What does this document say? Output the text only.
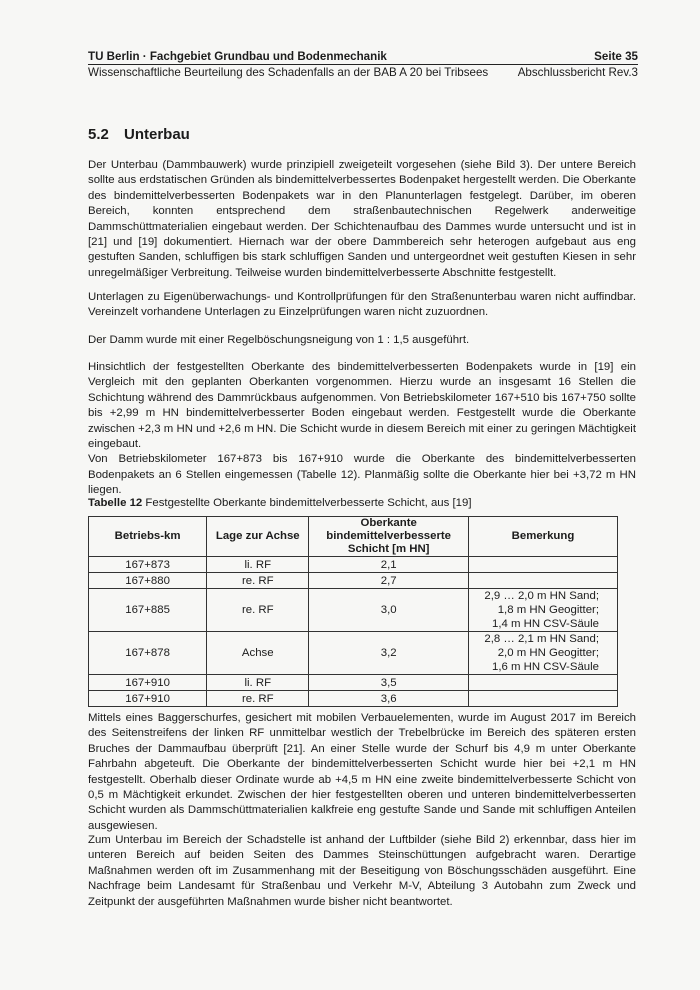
TU Berlin · Fachgebiet Grundbau und Bodenmechanik	Seite 35
Wissenschaftliche Beurteilung des Schadenfalls an der BAB A 20 bei Tribsees	Abschlussbericht Rev.3
5.2 Unterbau

Der Unterbau (Dammbauwerk) wurde prinzipiell zweigeteilt vorgesehen (siehe Bild 3). Der untere Bereich sollte aus erdstatischen Gründen als bindemittelverbessertes Bodenpaket hergestellt werden. Die Oberkante des bindemittelverbesserten Bodenpakets war in den Planunterlagen festgelegt. Darüber, im oberen Bereich, konnten entsprechend dem straßenbautechnischen Regelwerk anderweitige Dammschüttmaterialien eingebaut werden. Der Schichtenaufbau des Dammes wurde untersucht und ist in [21] und [19] dokumentiert. Hiernach war der obere Dammbereich sehr heterogen aufgebaut aus eng gestuften Sanden, schluffigen bis stark schluffigen Sanden und untergeordnet weit gestuften Kiesen in sehr unregelmäßiger Verbreitung. Teilweise wurden bindemittelverbesserte Abschnitte festgestellt.

Unterlagen zu Eigenüberwachungs- und Kontrollprüfungen für den Straßenunterbau waren nicht auffindbar. Vereinzelt vorhandene Unterlagen zu Einzelprüfungen waren nicht zuzuordnen.

Der Damm wurde mit einer Regelböschungsneigung von 1 : 1,5 ausgeführt.

Hinsichtlich der festgestellten Oberkante des bindemittelverbesserten Bodenpakets wurde in [19] ein Vergleich mit den geplanten Oberkanten vorgenommen. Hierzu wurde an insgesamt 16 Stellen die Schichtung während des Dammrückbaus aufgenommen. Von Betriebskilometer 167+510 bis 167+750 sollte bis +2,99 m HN bindemittelverbesserter Boden eingebaut werden. Festgestellt wurde die Oberkante zwischen +2,3 m HN und +2,6 m HN. Die Schicht wurde in diesem Bereich mit einer zu geringen Mächtigkeit eingebaut.

Von Betriebskilometer 167+873 bis 167+910 wurde die Oberkante des bindemittelverbesserten Bodenpakets an 6 Stellen eingemessen (Tabelle 12). Planmäßig sollte die Oberkante hier bei +3,72 m HN liegen.

Tabelle 12 Festgestellte Oberkante bindemittelverbesserte Schicht, aus [19]
Betriebs-km	Lage zur Achse	Oberkante bindemittelverbesserte Schicht [m HN]	Bemerkung
167+873	li. RF	2,1	
167+880	re. RF	2,7	
167+885	re. RF	3,0	2,9 … 2,0 m HN Sand;
1,8 m HN Geogitter;
1,4 m HN CSV-Säule
167+878	Achse	3,2	2,8 … 2,1 m HN Sand;
2,0 m HN Geogitter;
1,6 m HN CSV-Säule
167+910	li. RF	3,5	
167+910	re. RF	3,6	

Mittels eines Baggerschurfes, gesichert mit mobilen Verbauelementen, wurde im August 2017 im Bereich des Seitenstreifens der linken RF unmittelbar westlich der Trebelbrücke im Bereich des späteren ersten Bruches der Dammaufbau überprüft [21]. An einer Stelle wurde der Schurf bis 4,9 m unter Oberkante Fahrbahn abgeteuft. Die Oberkante der bindemittelverbesserten Schicht wurde hier bei +2,1 m HN festgestellt. Oberhalb dieser Ordinate wurde ab +4,5 m HN eine zweite bindemittelverbesserte Schicht von 0,5 m Mächtigkeit erkundet. Zwischen der hier festgestellten oberen und unteren bindemittelverbesserten Schicht wurden als Dammschüttmaterialien kalkfreie eng gestufte Sande und Sande mit schluffigen Anteilen ausgewiesen.

Zum Unterbau im Bereich der Schadstelle ist anhand der Luftbilder (siehe Bild 2) erkennbar, dass hier im unteren Bereich auf beiden Seiten des Dammes Steinschüttungen aufgebracht waren. Derartige Maßnahmen werden oft im Zusammenhang mit der Beseitigung von Böschungsschäden ausgeführt. Eine Nachfrage beim Landesamt für Straßenbau und Verkehr M-V, Abteilung 3 Autobahn zum Zweck und Zeitpunkt der ausgeführten Maßnahmen wurde bisher nicht beantwortet.
